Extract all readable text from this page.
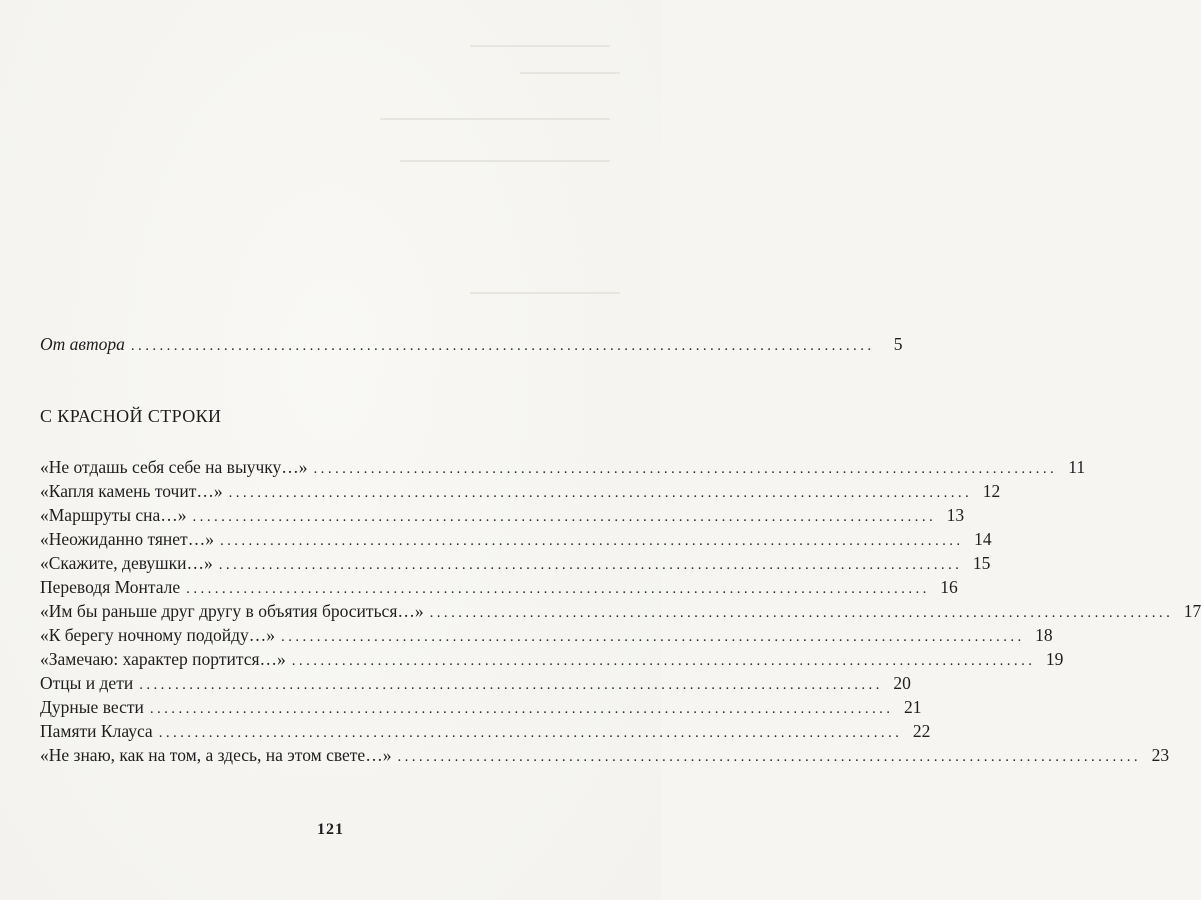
От автора ........................................................................................................	5
С КРАСНОЙ СТРОКИ
«Не отдашь себя себе на выучку…» ........................................................................................................ 11
«Капля камень точит…» ........................................................................................................ 12
«Маршруты сна…» ........................................................................................................ 13
«Неожиданно тянет…» ........................................................................................................ 14
«Скажите, девушки…» ........................................................................................................ 15
Переводя Монтале ........................................................................................................ 16
«Им бы раньше друг другу в объятия броситься…» ........................................................................................................ 17
«К берегу ночному подойду…» ........................................................................................................ 18
«Замечаю: характер портится…» ........................................................................................................ 19
Отцы и дети ........................................................................................................ 20
Дурные вести ........................................................................................................ 21
Памяти Клауса ........................................................................................................ 22
«Не знаю, как на том, а здесь, на этом свете…» ........................................................................................................ 23
121
